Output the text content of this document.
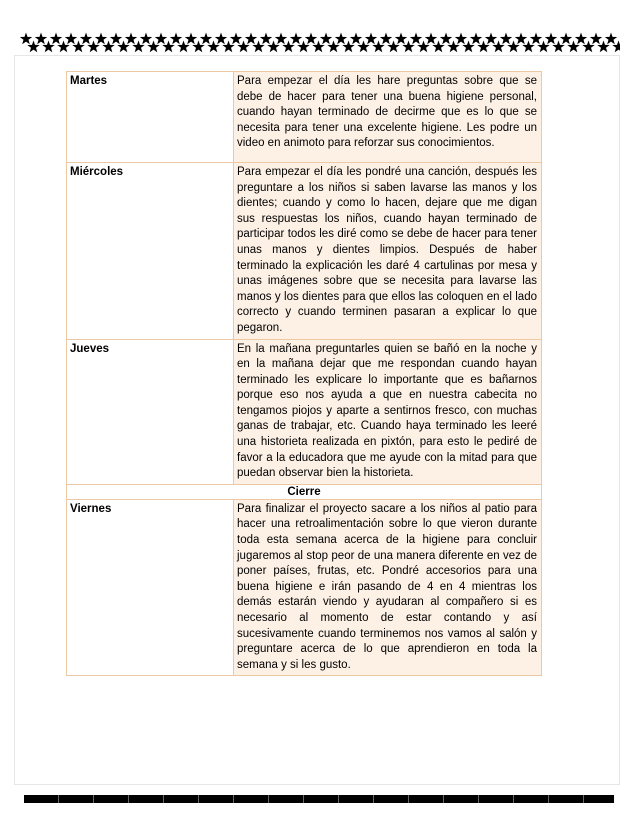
Martes	Para empezar el día les hare preguntas sobre que se debe de hacer para tener una buena higiene personal, cuando hayan terminado de decirme que es lo que se necesita para tener una excelente higiene. Les podre un video en animoto para reforzar sus conocimientos.
Miércoles	Para empezar el día les pondré una canción, después les preguntare a los niños si saben lavarse las manos y los dientes; cuando y como lo hacen, dejare que me digan sus respuestas los niños, cuando hayan terminado de participar todos les diré como se debe de hacer para tener unas manos y dientes limpios. Después de haber terminado la explicación les daré 4 cartulinas por mesa y unas imágenes sobre que se necesita para lavarse las manos y los dientes para que ellos las coloquen en el lado correcto y cuando terminen pasaran a explicar lo que pegaron.
Jueves	En la mañana preguntarles quien se bañó en la noche y en la mañana dejar que me respondan cuando hayan terminado les explicare lo importante que es bañarnos porque eso nos ayuda a que en nuestra cabecita no tengamos piojos y aparte a sentirnos fresco, con muchas ganas de trabajar, etc. Cuando haya terminado les leeré una historieta realizada en pixtón, para esto le pediré de favor a la educadora que me ayude con la mitad para que puedan observar bien la historieta.
Cierre	
Viernes	Para finalizar el proyecto sacare a los niños al patio para hacer una retroalimentación sobre lo que vieron durante toda esta semana acerca de la higiene para concluir jugaremos al stop peor de una manera diferente en vez de poner países, frutas, etc. Pondré accesorios para una buena higiene e irán pasando de 4 en 4 mientras los demás estarán viendo y ayudaran al compañero si es necesario al momento de estar contando y así sucesivamente cuando terminemos nos vamos al salón y preguntare acerca de lo que aprendieron en toda la semana y si les gusto.
